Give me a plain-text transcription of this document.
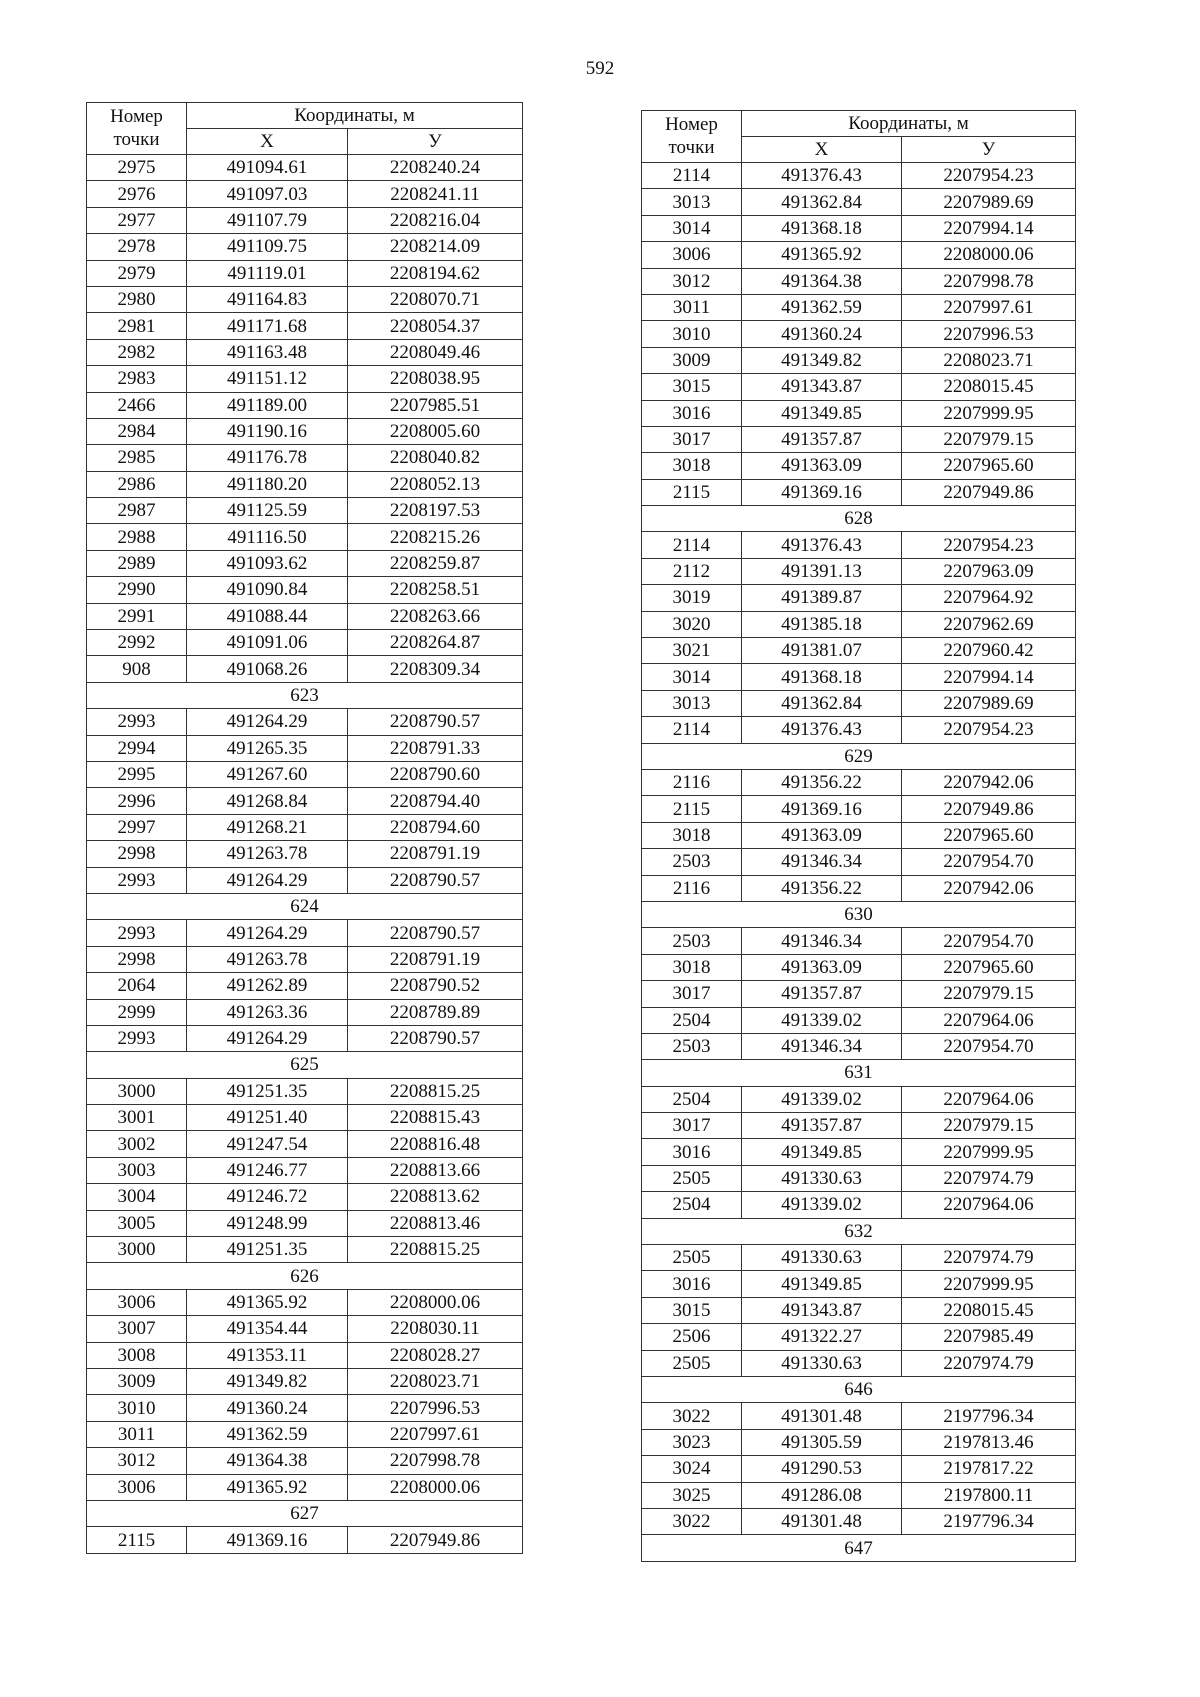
592
Номер
точки	Координаты, м	
	X	У
2975	491094.61	2208240.24
2976	491097.03	2208241.11
2977	491107.79	2208216.04
2978	491109.75	2208214.09
2979	491119.01	2208194.62
2980	491164.83	2208070.71
2981	491171.68	2208054.37
2982	491163.48	2208049.46
2983	491151.12	2208038.95
2466	491189.00	2207985.51
2984	491190.16	2208005.60
2985	491176.78	2208040.82
2986	491180.20	2208052.13
2987	491125.59	2208197.53
2988	491116.50	2208215.26
2989	491093.62	2208259.87
2990	491090.84	2208258.51
2991	491088.44	2208263.66
2992	491091.06	2208264.87
908	491068.26	2208309.34
623		
2993	491264.29	2208790.57
2994	491265.35	2208791.33
2995	491267.60	2208790.60
2996	491268.84	2208794.40
2997	491268.21	2208794.60
2998	491263.78	2208791.19
2993	491264.29	2208790.57
624		
2993	491264.29	2208790.57
2998	491263.78	2208791.19
2064	491262.89	2208790.52
2999	491263.36	2208789.89
2993	491264.29	2208790.57
625		
3000	491251.35	2208815.25
3001	491251.40	2208815.43
3002	491247.54	2208816.48
3003	491246.77	2208813.66
3004	491246.72	2208813.62
3005	491248.99	2208813.46
3000	491251.35	2208815.25
626		
3006	491365.92	2208000.06
3007	491354.44	2208030.11
3008	491353.11	2208028.27
3009	491349.82	2208023.71
3010	491360.24	2207996.53
3011	491362.59	2207997.61
3012	491364.38	2207998.78
3006	491365.92	2208000.06
627		
2115	491369.16	2207949.86
Номер
точки	Координаты, м	
	X	У
2114	491376.43	2207954.23
3013	491362.84	2207989.69
3014	491368.18	2207994.14
3006	491365.92	2208000.06
3012	491364.38	2207998.78
3011	491362.59	2207997.61
3010	491360.24	2207996.53
3009	491349.82	2208023.71
3015	491343.87	2208015.45
3016	491349.85	2207999.95
3017	491357.87	2207979.15
3018	491363.09	2207965.60
2115	491369.16	2207949.86
628		
2114	491376.43	2207954.23
2112	491391.13	2207963.09
3019	491389.87	2207964.92
3020	491385.18	2207962.69
3021	491381.07	2207960.42
3014	491368.18	2207994.14
3013	491362.84	2207989.69
2114	491376.43	2207954.23
629		
2116	491356.22	2207942.06
2115	491369.16	2207949.86
3018	491363.09	2207965.60
2503	491346.34	2207954.70
2116	491356.22	2207942.06
630		
2503	491346.34	2207954.70
3018	491363.09	2207965.60
3017	491357.87	2207979.15
2504	491339.02	2207964.06
2503	491346.34	2207954.70
631		
2504	491339.02	2207964.06
3017	491357.87	2207979.15
3016	491349.85	2207999.95
2505	491330.63	2207974.79
2504	491339.02	2207964.06
632		
2505	491330.63	2207974.79
3016	491349.85	2207999.95
3015	491343.87	2208015.45
2506	491322.27	2207985.49
2505	491330.63	2207974.79
646		
3022	491301.48	2197796.34
3023	491305.59	2197813.46
3024	491290.53	2197817.22
3025	491286.08	2197800.11
3022	491301.48	2197796.34
647		
